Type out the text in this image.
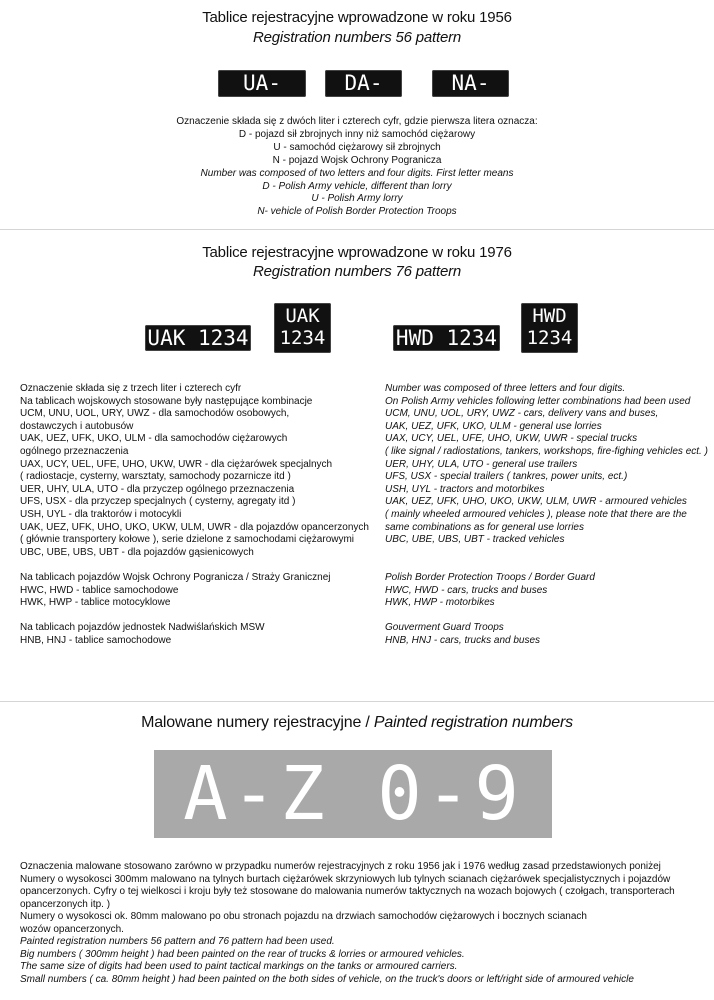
Tablice rejestracyjne wprowadzone w roku 1956
Registration numbers 56 pattern
UA-1234
DA-1234
NA-1234
Oznaczenie składa się z dwóch liter i czterech cyfr, gdzie pierwsza litera oznacza:
D - pojazd sił zbrojnych inny niż samochód ciężarowy
U - samochód ciężarowy sił zbrojnych
N - pojazd Wojsk Ochrony Pogranicza
Number was composed of two letters and four digits. First letter means
D - Polish Army vehicle, different than lorry
U - Polish Army lorry
N- vehicle of Polish Border Protection Troops
Tablice rejestracyjne wprowadzone w roku 1976
Registration numbers 76 pattern
UAK 1234
UAK
1234	HWD 1234
HWD
1234
Oznaczenie składa się z trzech liter i czterech cyfr
Na tablicach wojskowych stosowane były następujące kombinacje
UCM, UNU, UOL, URY, UWZ - dla samochodów osobowych,
dostawczych i autobusów
UAK, UEZ, UFK, UKO, ULM - dla samochodów ciężarowych
ogólnego przeznaczenia
UAX, UCY, UEL, UFE, UHO, UKW, UWR - dla ciężarówek specjalnych
( radiostacje, cysterny, warsztaty, samochody pozarnicze itd )
UER, UHY, ULA, UTO - dla przyczep ogólnego przeznaczenia
UFS, USX - dla przyczep specjalnych ( cysterny, agregaty itd )
USH, UYL - dla traktorów i motocykli
UAK, UEZ, UFK, UHO, UKO, UKW, ULM, UWR - dla pojazdów opancerzonych
( głównie transportery kołowe ), serie dzielone z samochodami ciężarowymi
UBC, UBE, UBS, UBT - dla pojazdów gąsienicowych
Na tablicach pojazdów Wojsk Ochrony Pogranicza / Straży Granicznej
HWC, HWD - tablice samochodowe
HWK, HWP - tablice motocyklowe
Na tablicach pojazdów jednostek Nadwiślańskich MSW
HNB, HNJ - tablice samochodowe
Number was composed of three letters and four digits.
On Polish Army vehicles following letter combinations had been used
UCM, UNU, UOL, URY, UWZ - cars, delivery vans and buses,
UAK, UEZ, UFK, UKO, ULM - general use lorries
UAX, UCY, UEL, UFE, UHO, UKW, UWR - special trucks
( like signal / radiostations, tankers, workshops, fire-fighing vehicles ect. )
UER, UHY, ULA, UTO - general use trailers
UFS, USX - special trailers ( tankres, power units, ect.)
USH, UYL - tractors and motorbikes
UAK, UEZ, UFK, UHO, UKO, UKW, ULM, UWR - armoured vehicles
( mainly wheeled armoured vehicles ), please note that there are the
same combinations as for general use lorries
UBC, UBE, UBS, UBT - tracked vehicles
Polish Border Protection Troops / Border Guard
HWC, HWD - cars, trucks and buses
HWK, HWP - motorbikes
Gouverment Guard Troops
HNB, HNJ - cars, trucks and buses
Malowane numery rejestracyjne / Painted registration numbers
A-Z 0-9
Oznaczenia malowane stosowano zarówno w przypadku numerów rejestracyjnych z roku 1956 jak i 1976 według zasad przedstawionych poniżej
Numery o wysokosci 300mm malowano na tylnych burtach ciężarówek skrzyniowych lub tylnych scianach ciężarówek specjalistycznych i pojazdów
opancerzonych. Cyfry o tej wielkosci i kroju były też stosowane do malowania numerów taktycznych na wozach bojowych ( czołgach, transporterach
opancerzonych itp. )
Numery o wysokosci ok. 80mm malowano po obu stronach pojazdu na drzwiach samochodów ciężarowych i bocznych scianach
wozów opancerzonych.
Painted registration numbers 56 pattern and 76 pattern had been used.
Big numbers ( 300mm height ) had been painted on the rear of trucks & lorries or armoured vehicles.
The same size of digits had been used to paint tactical markings on the tanks or armoured carriers.
Small numbers ( ca. 80mm height ) had been painted on the both sides of vehicle, on the truck's doors or left/right side of armoured vehicle
